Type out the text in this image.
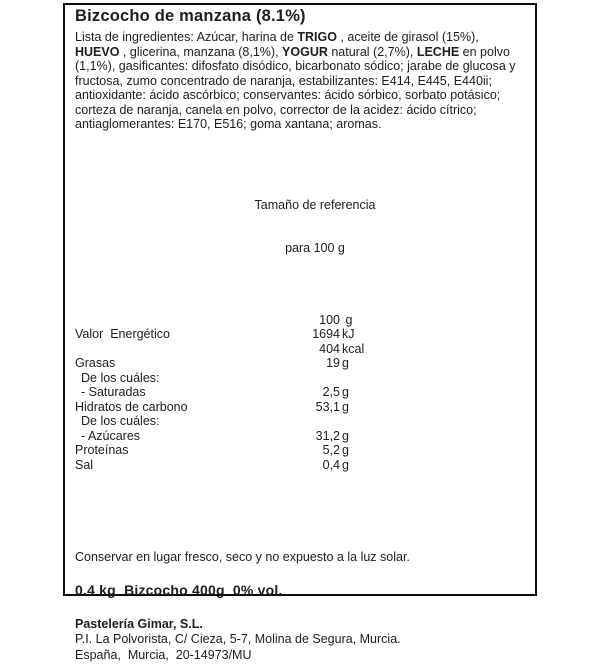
Bizcocho de manzana (8.1%)
Lista de ingredientes: Azúcar, harina de TRIGO , aceite de girasol (15%), HUEVO , glicerina, manzana (8,1%), YOGUR natural (2,7%), LECHE en polvo (1,1%), gasificantes: difosfato disódico, bicarbonato sódico; jarabe de glucosa y fructosa, zumo concentrado de naranja, estabilizantes: E414, E445, E440ii; antioxidante: ácido ascórbico; conservantes: ácido sórbico, sorbato potásico; corteza de naranja, canela en polvo, corrector de la acidez: ácido cítrico; antiaglomerantes: E170, E516; goma xantana; aromas.

Tamaño de referencia

para 100 g

100 g
Valor  Energético	1694 kJ
404 kcal
Grasas	19 g
De los cuáles:
- Saturadas	2,5 g
Hidratos de carbono	53,1 g
De los cuáles:
- Azúcares	31,2 g
Proteínas	5,2 g
Sal	0,4 g
Conservar en lugar fresco, seco y no expuesto a la luz solar.
0.4 kg  Bizcocho 400g  0% vol.
Pastelería Gimar, S.L.
P.I. La Polvorista, C/ Cieza, 5-7, Molina de Segura, Murcia.
España,  Murcia,  20-14973/MU
